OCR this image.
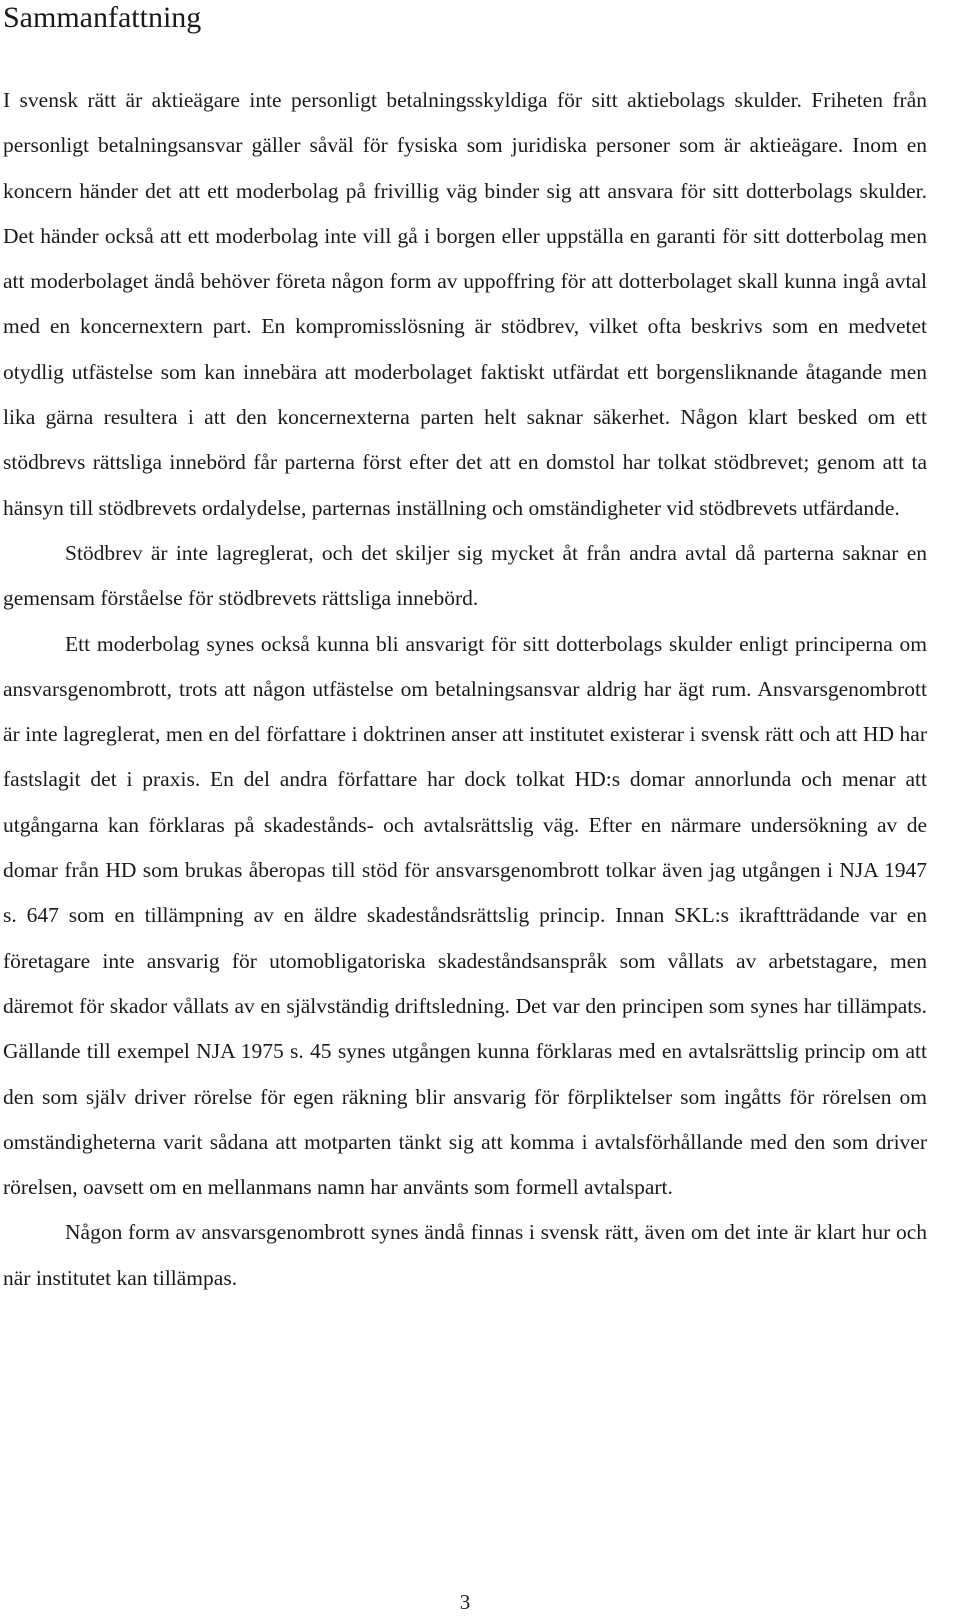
Sammanfattning

I svensk rätt är aktieägare inte personligt betalningsskyldiga för sitt aktiebolags skulder. Friheten från personligt betalningsansvar gäller såväl för fysiska som juridiska personer som är aktieägare. Inom en koncern händer det att ett moderbolag på frivillig väg binder sig att ansvara för sitt dotterbolags skulder. Det händer också att ett moderbolag inte vill gå i borgen eller uppställa en garanti för sitt dotterbolag men att moderbolaget ändå behöver företa någon form av uppoffring för att dotterbolaget skall kunna ingå avtal med en koncernextern part. En kompromisslösning är stödbrev, vilket ofta beskrivs som en medvetet otydlig utfästelse som kan innebära att moderbolaget faktiskt utfärdat ett borgensliknande åtagande men lika gärna resultera i att den koncernexterna parten helt saknar säkerhet. Någon klart besked om ett stödbrevs rättsliga innebörd får parterna först efter det att en domstol har tolkat stödbrevet; genom att ta hänsyn till stödbrevets ordalydelse, parternas inställning och omständigheter vid stödbrevets utfärdande.

Stödbrev är inte lagreglerat, och det skiljer sig mycket åt från andra avtal då parterna saknar en gemensam förståelse för stödbrevets rättsliga innebörd.

Ett moderbolag synes också kunna bli ansvarigt för sitt dotterbolags skulder enligt principerna om ansvarsgenombrott, trots att någon utfästelse om betalningsansvar aldrig har ägt rum. Ansvarsgenombrott är inte lagreglerat, men en del författare i doktrinen anser att institutet existerar i svensk rätt och att HD har fastslagit det i praxis. En del andra författare har dock tolkat HD:s domar annorlunda och menar att utgångarna kan förklaras på skadestånds- och avtalsrättslig väg. Efter en närmare undersökning av de domar från HD som brukas åberopas till stöd för ansvarsgenombrott tolkar även jag utgången i NJA 1947 s. 647 som en tillämpning av en äldre skadeståndsrättslig princip. Innan SKL:s ikraftträdande var en företagare inte ansvarig för utomobligatoriska skadeståndsanspråk som vållats av arbetstagare, men däremot för skador vållats av en självständig driftsledning. Det var den principen som synes har tillämpats. Gällande till exempel NJA 1975 s. 45 synes utgången kunna förklaras med en avtalsrättslig princip om att den som själv driver rörelse för egen räkning blir ansvarig för förpliktelser som ingåtts för rörelsen om omständigheterna varit sådana att motparten tänkt sig att komma i avtalsförhållande med den som driver rörelsen, oavsett om en mellanmans namn har använts som formell avtalspart.

Någon form av ansvarsgenombrott synes ändå finnas i svensk rätt, även om det inte är klart hur och när institutet kan tillämpas.

3
